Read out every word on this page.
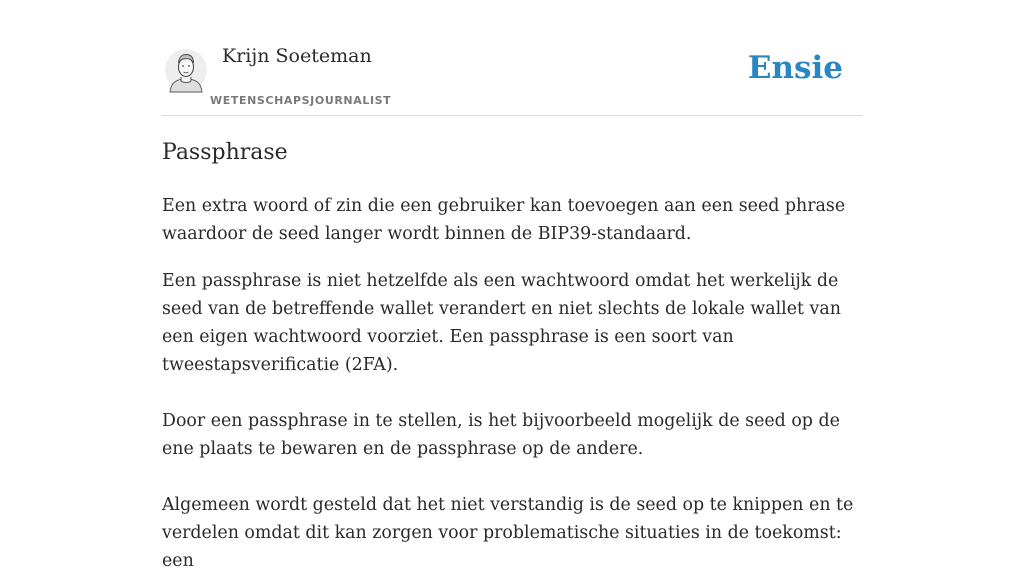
Krijn Soeteman
WETENSCHAPSJOURNALIST
Ensie
Passphrase

Een extra woord of zin die een gebruiker kan toevoegen aan een seed phrase waardoor de seed langer wordt binnen de BIP39-standaard.

Een passphrase is niet hetzelfde als een wachtwoord omdat het werkelijk de seed van de betreffende wallet verandert en niet slechts de lokale wallet van een eigen wachtwoord voorziet. Een passphrase is een soort van tweestapsverificatie (2FA).

Door een passphrase in te stellen, is het bijvoorbeeld mogelijk de seed op de ene plaats te bewaren en de passphrase op de andere.

Algemeen wordt gesteld dat het niet verstandig is de seed op te knippen en te verdelen omdat dit kan zorgen voor problematische situaties in de toekomst: een
